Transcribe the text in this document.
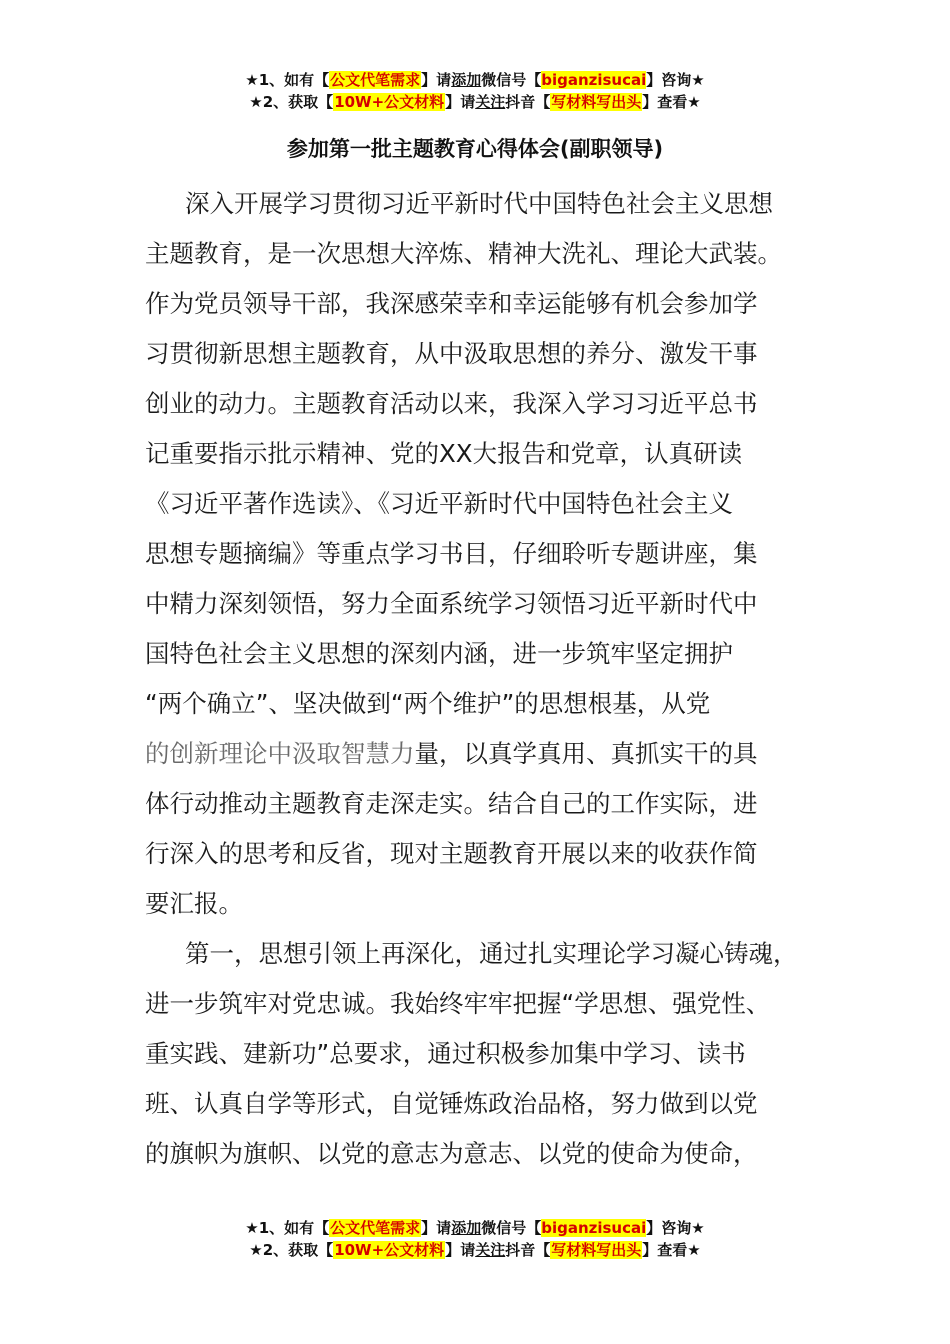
★1、如有【公文代笔需求】请添加微信号【biganzisucai】咨询★
★2、获取【10W+公文材料】请关注抖音【写材料写出头】查看★
参加第一批主题教育心得体会(副职领导)
深入开展学习贯彻习近平新时代中国特色社会主义思想
主题教育，是一次思想大淬炼、精神大洗礼、理论大武装。
作为党员领导干部，我深感荣幸和幸运能够有机会参加学
习贯彻新思想主题教育，从中汲取思想的养分、激发干事
创业的动力。主题教育活动以来，我深入学习习近平总书
记重要指示批示精神、党的XX大报告和党章，认真研读
《习近平著作选读》、《习近平新时代中国特色社会主义
思想专题摘编》等重点学习书目，仔细聆听专题讲座，集
中精力深刻领悟，努力全面系统学习领悟习近平新时代中
国特色社会主义思想的深刻内涵，进一步筑牢坚定拥护
“两个确立”、坚决做到“两个维护”的思想根基，从党
的创新理论中汲取智慧力量，以真学真用、真抓实干的具
体行动推动主题教育走深走实。结合自己的工作实际，进
行深入的思考和反省，现对主题教育开展以来的收获作简
要汇报。
第一，思想引领上再深化，通过扎实理论学习凝心铸魂，
进一步筑牢对党忠诚。我始终牢牢把握“学思想、强党性、
重实践、建新功”总要求，通过积极参加集中学习、读书
班、认真自学等形式，自觉锤炼政治品格，努力做到以党
的旗帜为旗帜、以党的意志为意志、以党的使命为使命，
★1、如有【公文代笔需求】请添加微信号【biganzisucai】咨询★
★2、获取【10W+公文材料】请关注抖音【写材料写出头】查看★
